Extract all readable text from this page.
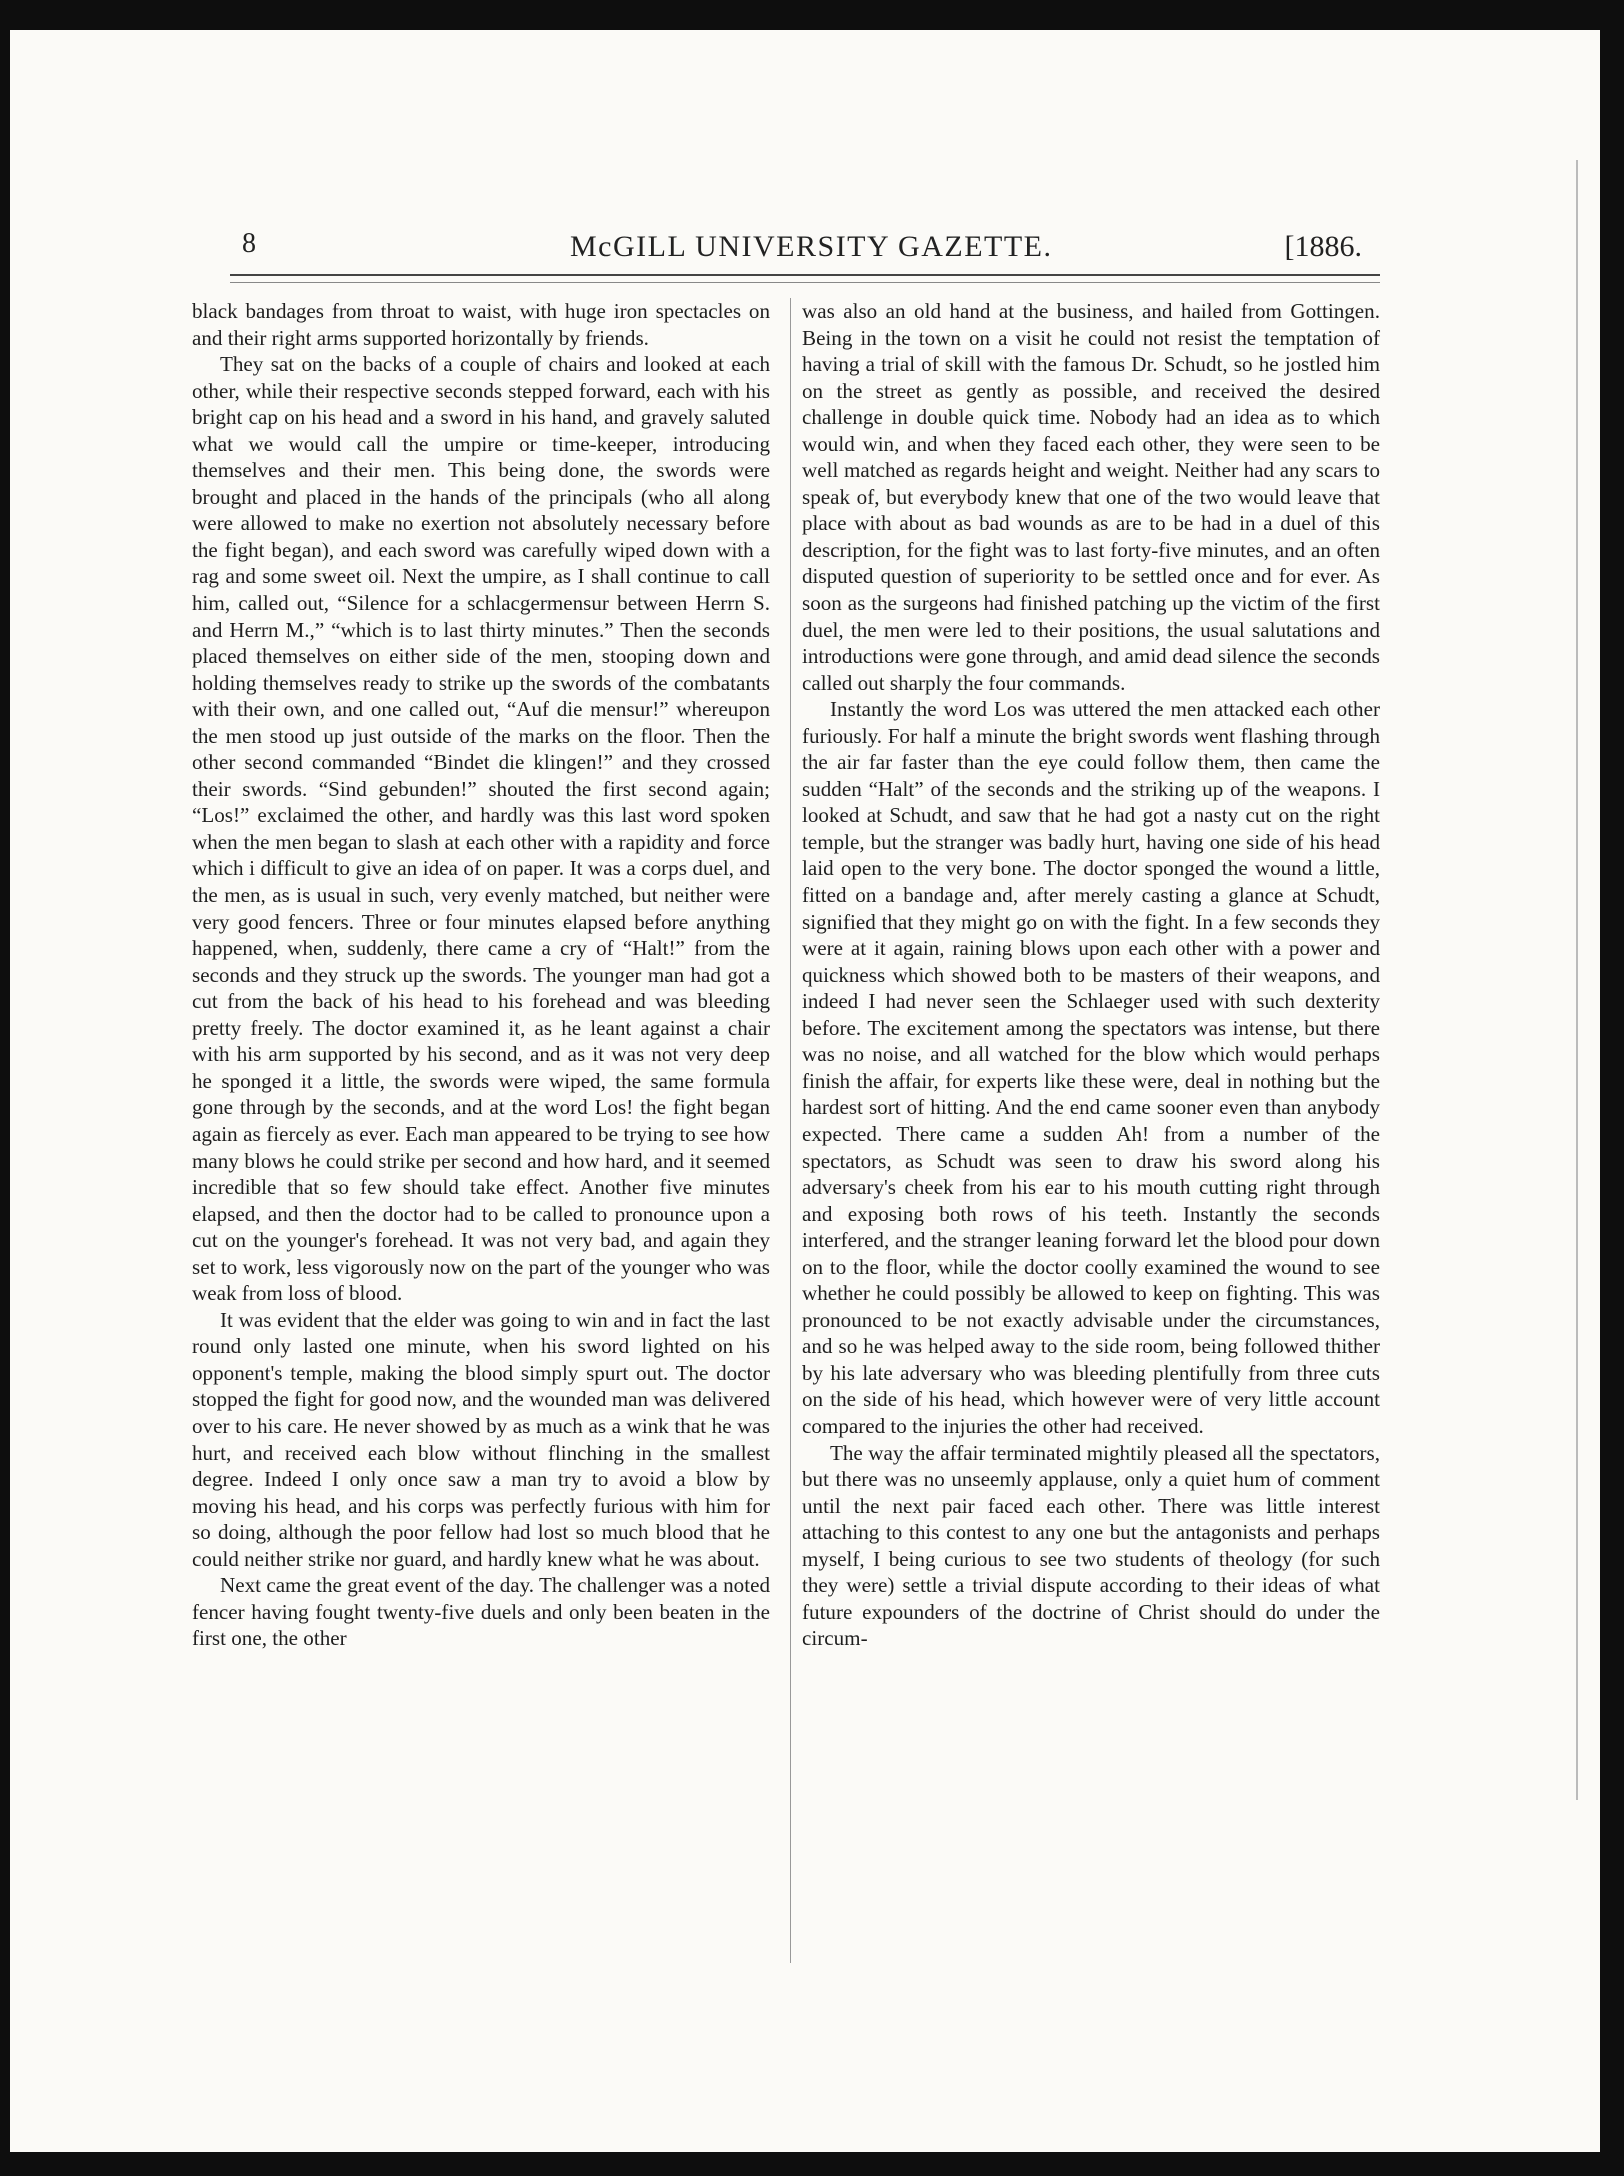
8	McGILL UNIVERSITY GAZETTE.	[1886.

black bandages from throat to waist, with huge iron spectacles on and their right arms supported horizontally by friends.

They sat on the backs of a couple of chairs and looked at each other, while their respective seconds stepped forward, each with his bright cap on his head and a sword in his hand, and gravely saluted what we would call the umpire or time-keeper, introducing themselves and their men. This being done, the swords were brought and placed in the hands of the principals (who all along were allowed to make no exertion not absolutely necessary before the fight began), and each sword was carefully wiped down with a rag and some sweet oil. Next the umpire, as I shall continue to call him, called out, “Silence for a schlacgermensur between Herrn S. and Herrn M.,” “which is to last thirty minutes.” Then the seconds placed themselves on either side of the men, stooping down and holding themselves ready to strike up the swords of the combatants with their own, and one called out, “Auf die mensur!” whereupon the men stood up just outside of the marks on the floor. Then the other second commanded “Bindet die klingen!” and they crossed their swords. “Sind gebunden!” shouted the first second again; “Los!” exclaimed the other, and hardly was this last word spoken when the men began to slash at each other with a rapidity and force which i difficult to give an idea of on paper. It was a corps duel, and the men, as is usual in such, very evenly matched, but neither were very good fencers. Three or four minutes elapsed before anything happened, when, suddenly, there came a cry of “Halt!” from the seconds and they struck up the swords. The younger man had got a cut from the back of his head to his forehead and was bleeding pretty freely. The doctor examined it, as he leant against a chair with his arm supported by his second, and as it was not very deep he sponged it a little, the swords were wiped, the same formula gone through by the seconds, and at the word Los! the fight began again as fiercely as ever. Each man appeared to be trying to see how many blows he could strike per second and how hard, and it seemed incredible that so few should take effect. Another five minutes elapsed, and then the doctor had to be called to pronounce upon a cut on the younger's forehead. It was not very bad, and again they set to work, less vigorously now on the part of the younger who was weak from loss of blood.

It was evident that the elder was going to win and in fact the last round only lasted one minute, when his sword lighted on his opponent's temple, making the blood simply spurt out. The doctor stopped the fight for good now, and the wounded man was delivered over to his care. He never showed by as much as a wink that he was hurt, and received each blow without flinching in the smallest degree. Indeed I only once saw a man try to avoid a blow by moving his head, and his corps was perfectly furious with him for so doing, although the poor fellow had lost so much blood that he could neither strike nor guard, and hardly knew what he was about.

Next came the great event of the day. The challenger was a noted fencer having fought twenty-five duels and only been beaten in the first one, the other

was also an old hand at the business, and hailed from Gottingen. Being in the town on a visit he could not resist the temptation of having a trial of skill with the famous Dr. Schudt, so he jostled him on the street as gently as possible, and received the desired challenge in double quick time. Nobody had an idea as to which would win, and when they faced each other, they were seen to be well matched as regards height and weight. Neither had any scars to speak of, but everybody knew that one of the two would leave that place with about as bad wounds as are to be had in a duel of this description, for the fight was to last forty-five minutes, and an often disputed question of superiority to be settled once and for ever. As soon as the surgeons had finished patching up the victim of the first duel, the men were led to their positions, the usual salutations and introductions were gone through, and amid dead silence the seconds called out sharply the four commands.

Instantly the word Los was uttered the men attacked each other furiously. For half a minute the bright swords went flashing through the air far faster than the eye could follow them, then came the sudden “Halt” of the seconds and the striking up of the weapons. I looked at Schudt, and saw that he had got a nasty cut on the right temple, but the stranger was badly hurt, having one side of his head laid open to the very bone. The doctor sponged the wound a little, fitted on a bandage and, after merely casting a glance at Schudt, signified that they might go on with the fight. In a few seconds they were at it again, raining blows upon each other with a power and quickness which showed both to be masters of their weapons, and indeed I had never seen the Schlaeger used with such dexterity before. The excitement among the spectators was intense, but there was no noise, and all watched for the blow which would perhaps finish the affair, for experts like these were, deal in nothing but the hardest sort of hitting. And the end came sooner even than anybody expected. There came a sudden Ah! from a number of the spectators, as Schudt was seen to draw his sword along his adversary's cheek from his ear to his mouth cutting right through and exposing both rows of his teeth. Instantly the seconds interfered, and the stranger leaning forward let the blood pour down on to the floor, while the doctor coolly examined the wound to see whether he could possibly be allowed to keep on fighting. This was pronounced to be not exactly advisable under the circumstances, and so he was helped away to the side room, being followed thither by his late adversary who was bleeding plentifully from three cuts on the side of his head, which however were of very little account compared to the injuries the other had received.

The way the affair terminated mightily pleased all the spectators, but there was no unseemly applause, only a quiet hum of comment until the next pair faced each other. There was little interest attaching to this contest to any one but the antagonists and perhaps myself, I being curious to see two students of theology (for such they were) settle a trivial dispute according to their ideas of what future expounders of the doctrine of Christ should do under the circum-
